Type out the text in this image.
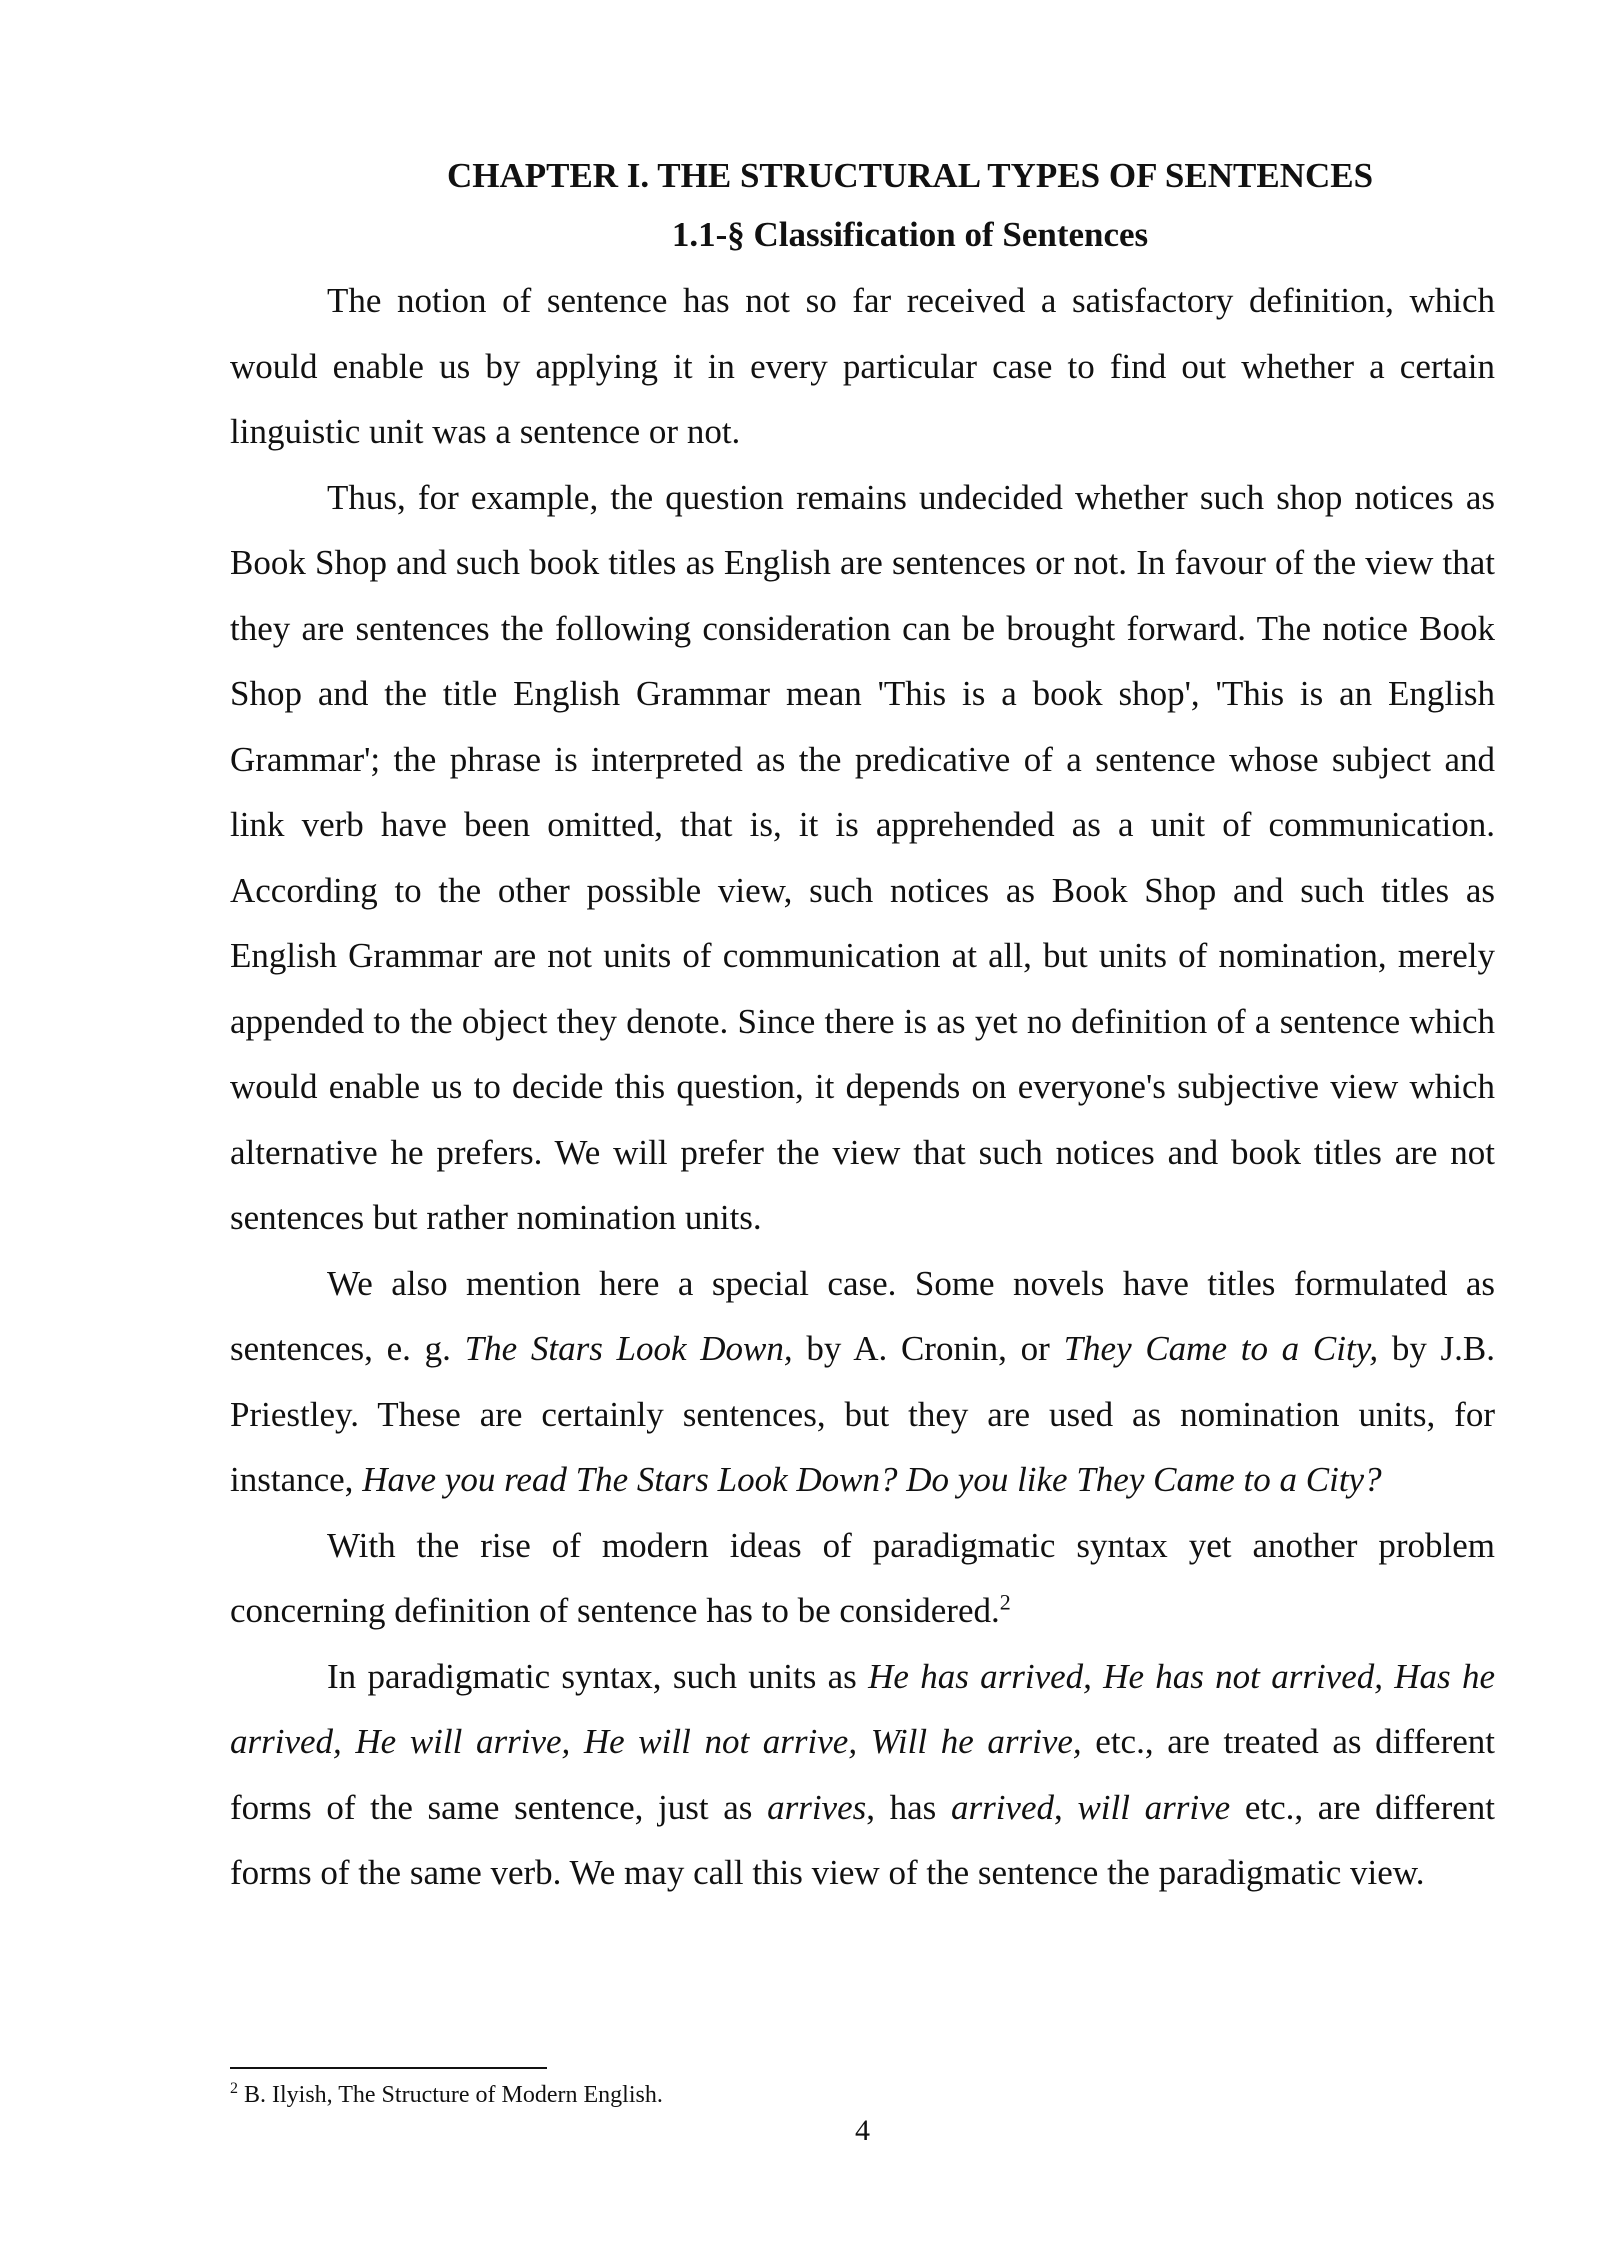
CHAPTER I. THE STRUCTURAL TYPES OF SENTENCES
1.1-§ Classification of Sentences

The notion of sentence has not so far received a satisfactory definition, which would enable us by applying it in every particular case to find out whether a certain linguistic unit was a sentence or not.

Thus, for example, the question remains undecided whether such shop notices as Book Shop and such book titles as English are sentences or not. In favour of the view that they are sentences the following consideration can be brought forward. The notice Book Shop and the title English Grammar mean 'This is a book shop', 'This is an English Grammar'; the phrase is interpreted as the predicative of a sentence whose subject and link verb have been omitted, that is, it is apprehended as a unit of communication. According to the other possible view, such notices as Book Shop and such titles as English Grammar are not units of communication at all, but units of nomination, merely appended to the object they denote. Since there is as yet no definition of a sentence which would enable us to decide this question, it depends on everyone's subjective view which alternative he prefers. We will prefer the view that such notices and book titles are not sentences but rather nomination units.

We also mention here a special case. Some novels have titles formulated as sentences, e. g. The Stars Look Down, by A. Cronin, or They Came to a City, by J.B. Priestley. These are certainly sentences, but they are used as nomination units, for instance, Have you read The Stars Look Down? Do you like They Came to a City?

With the rise of modern ideas of paradigmatic syntax yet another problem concerning definition of sentence has to be considered.$^2$

In paradigmatic syntax, such units as He has arrived, He has not arrived, Has he arrived, He will arrive, He will not arrive, Will he arrive, etc., are treated as different forms of the same sentence, just as arrives, has arrived, will arrive etc., are different forms of the same verb. We may call this view of the sentence the paradigmatic view.

$^2$ B. Ilyish, The Structure of Modern English.
4
